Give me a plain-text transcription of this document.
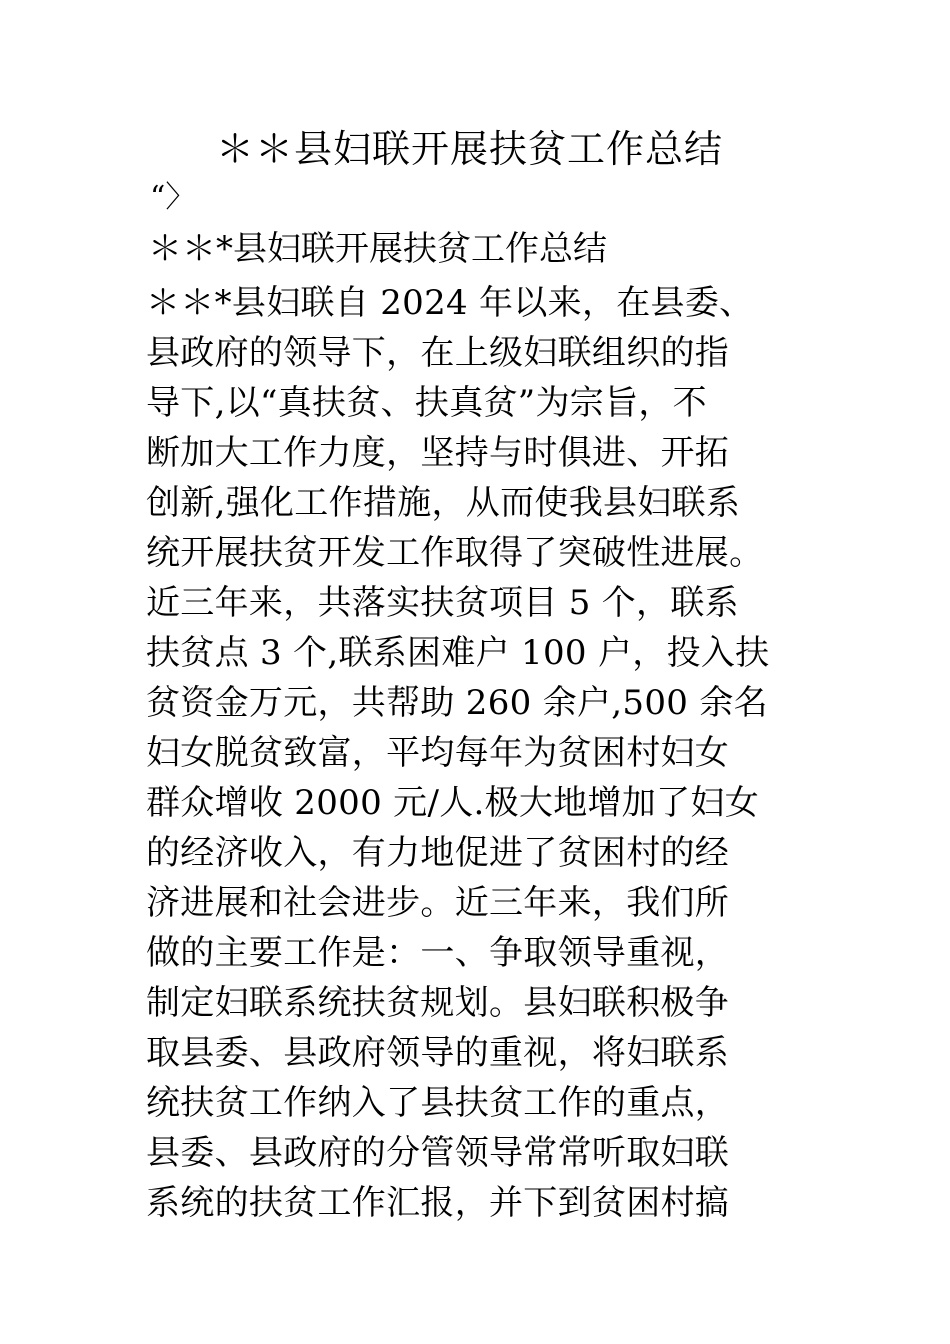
＊＊县妇联开展扶贫工作总结
“〉
＊＊*县妇联开展扶贫工作总结
＊＊*县妇联自 2024 年以来，在县委、
县政府的领导下，在上级妇联组织的指
导下,以“真扶贫、扶真贫”为宗旨，不
断加大工作力度，坚持与时俱进、开拓
创新,强化工作措施，从而使我县妇联系
统开展扶贫开发工作取得了突破性进展。
近三年来，共落实扶贫项目 5 个，联系
扶贫点 3 个,联系困难户 100 户，投入扶
贫资金万元，共帮助 260 余户,500 余名
妇女脱贫致富，平均每年为贫困村妇女
群众增收 2000 元/人.极大地增加了妇女
的经济收入，有力地促进了贫困村的经
济进展和社会进步。近三年来，我们所
做的主要工作是：一、争取领导重视，
制定妇联系统扶贫规划。县妇联积极争
取县委、县政府领导的重视，将妇联系
统扶贫工作纳入了县扶贫工作的重点，
县委、县政府的分管领导常常听取妇联
系统的扶贫工作汇报，并下到贫困村搞
